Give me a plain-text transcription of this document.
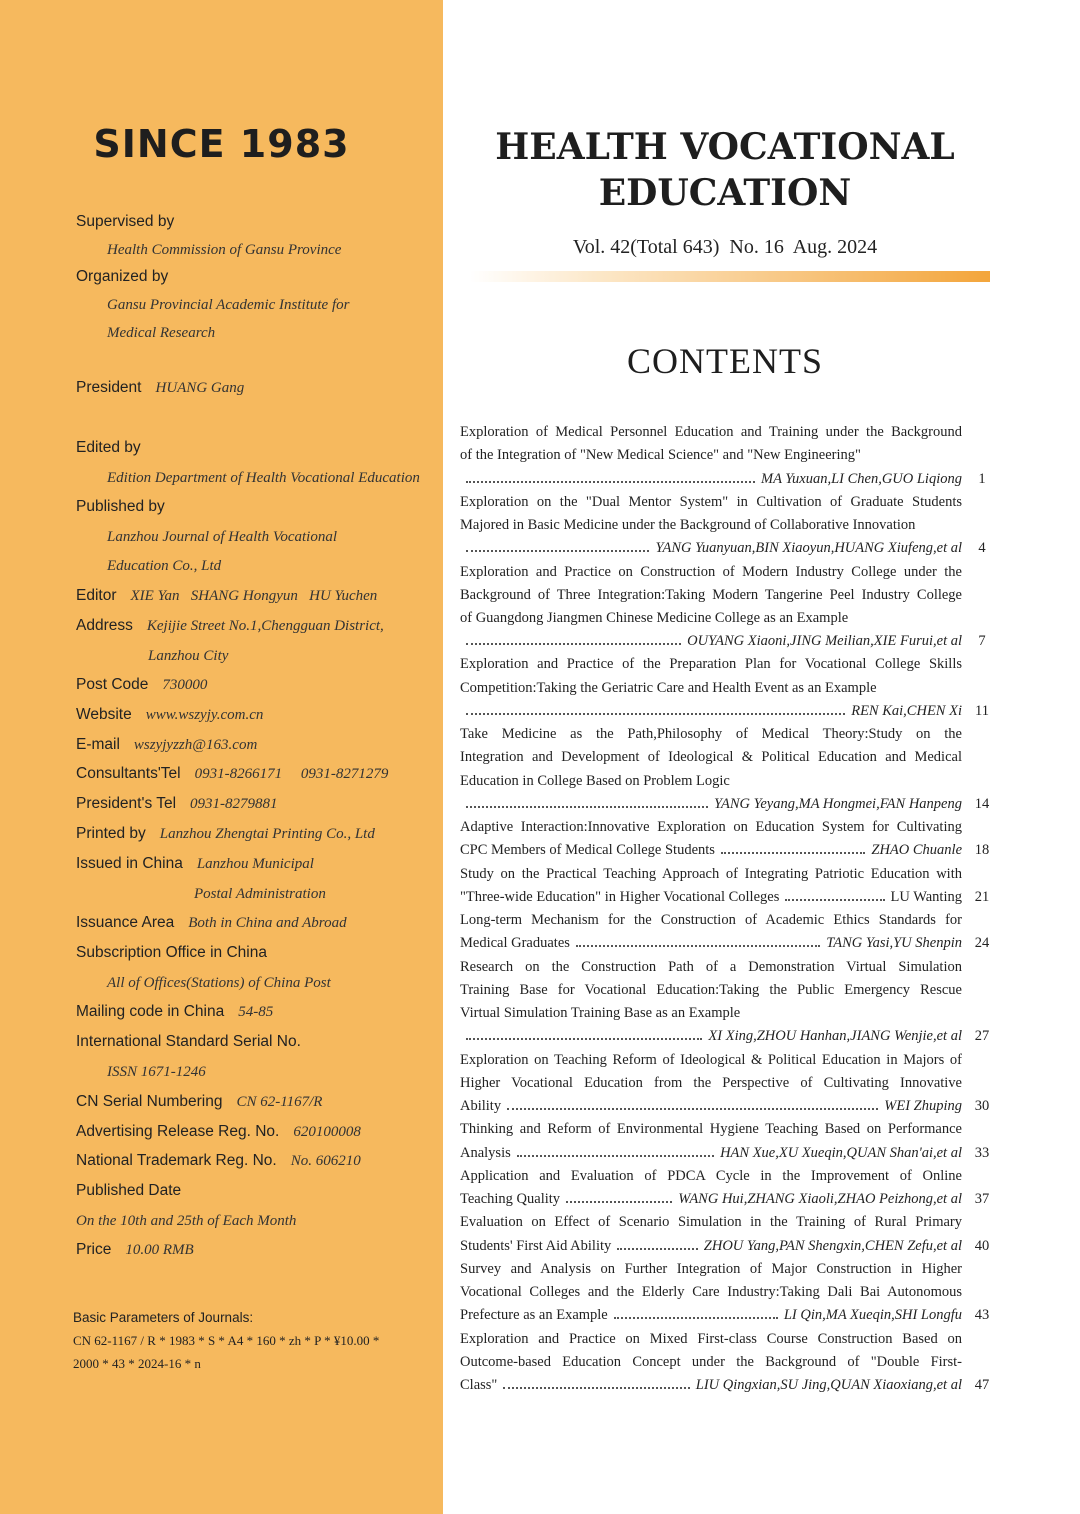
SINCE 1983
Supervised by
Health Commission of Gansu Province
Organized by
Gansu Provincial Academic Institute for
Medical Research
President HUANG Gang
Edited by
Edition Department of Health Vocational Education
Published by
Lanzhou Journal of Health Vocational
Education Co., Ltd
Editor XIE Yan   SHANG Hongyun   HU Yuchen
Address Kejijie Street No.1,Chengguan District,
Lanzhou City
Post Code 730000
Website www.wszyjy.com.cn
E-mail wszyjyzzh@163.com
Consultants'Tel 0931-8266171     0931-8271279
President's Tel 0931-8279881
Printed by Lanzhou Zhengtai Printing Co., Ltd
Issued in China Lanzhou Municipal
Postal Administration
Issuance Area Both in China and Abroad
Subscription Office in China
All of Offices(Stations) of China Post
Mailing code in China 54-85
International Standard Serial No.
ISSN 1671-1246
CN Serial Numbering CN 62-1167/R
Advertising Release Reg. No. 620100008
National Trademark Reg. No. No. 606210
Published Date
On the 10th and 25th of Each Month
Price 10.00 RMB
Basic Parameters of Journals:
CN 62-1167 / R * 1983 * S * A4 * 160 * zh * P * ¥10.00 *
2000 * 43 * 2024-16 * n
HEALTH VOCATIONAL
EDUCATION
Vol. 42(Total 643)  No. 16  Aug. 2024
CONTENTS
Exploration of Medical Personnel Education and Training under the Background
of the Integration of "New Medical Science" and "New Engineering"
MA Yuxuan,LI Chen,GUO Liqiong	1
Exploration on the "Dual Mentor System" in Cultivation of Graduate Students
Majored in Basic Medicine under the Background of Collaborative Innovation
YANG Yuanyuan,BIN Xiaoyun,HUANG Xiufeng,et al	4
Exploration and Practice on Construction of Modern Industry College under the
Background of Three Integration:Taking Modern Tangerine Peel Industry College
of Guangdong Jiangmen Chinese Medicine College as an Example
OUYANG Xiaoni,JING Meilian,XIE Furui,et al	7
Exploration and Practice of the Preparation Plan for Vocational College Skills
Competition:Taking the Geriatric Care and Health Event as an Example
REN Kai,CHEN Xi 11
Take Medicine as the Path,Philosophy of Medical Theory:Study on the
Integration and Development of Ideological & Political Education and Medical
Education in College Based on Problem Logic
YANG Yeyang,MA Hongmei,FAN Hanpeng 14
Adaptive Interaction:Innovative Exploration on Education System for Cultivating
CPC Members of Medical College Students	ZHAO Chuanle 18
Study on the Practical Teaching Approach of Integrating Patriotic Education with
"Three-wide Education" in Higher Vocational Colleges	LU Wanting 21
Long-term Mechanism for the Construction of Academic Ethics Standards for
Medical Graduates	TANG Yasi,YU Shenpin 24
Research on the Construction Path of a Demonstration Virtual Simulation
Training Base for Vocational Education:Taking the Public Emergency Rescue
Virtual Simulation Training Base as an Example
XI Xing,ZHOU Hanhan,JIANG Wenjie,et al 27
Exploration on Teaching Reform of Ideological & Political Education in Majors of
Higher Vocational Education from the Perspective of Cultivating Innovative
Ability	WEI Zhuping 30
Thinking and Reform of Environmental Hygiene Teaching Based on Performance
Analysis	HAN Xue,XU Xueqin,QUAN Shan'ai,et al 33
Application and Evaluation of PDCA Cycle in the Improvement of Online
Teaching Quality	WANG Hui,ZHANG Xiaoli,ZHAO Peizhong,et al 37
Evaluation on Effect of Scenario Simulation in the Training of Rural Primary
Students' First Aid Ability	ZHOU Yang,PAN Shengxin,CHEN Zefu,et al 40
Survey and Analysis on Further Integration of Major Construction in Higher
Vocational Colleges and the Elderly Care Industry:Taking Dali Bai Autonomous
Prefecture as an Example	LI Qin,MA Xueqin,SHI Longfu 43
Exploration and Practice on Mixed First-class Course Construction Based on
Outcome-based Education Concept under the Background of "Double First-
Class"	LIU Qingxian,SU Jing,QUAN Xiaoxiang,et al 47
